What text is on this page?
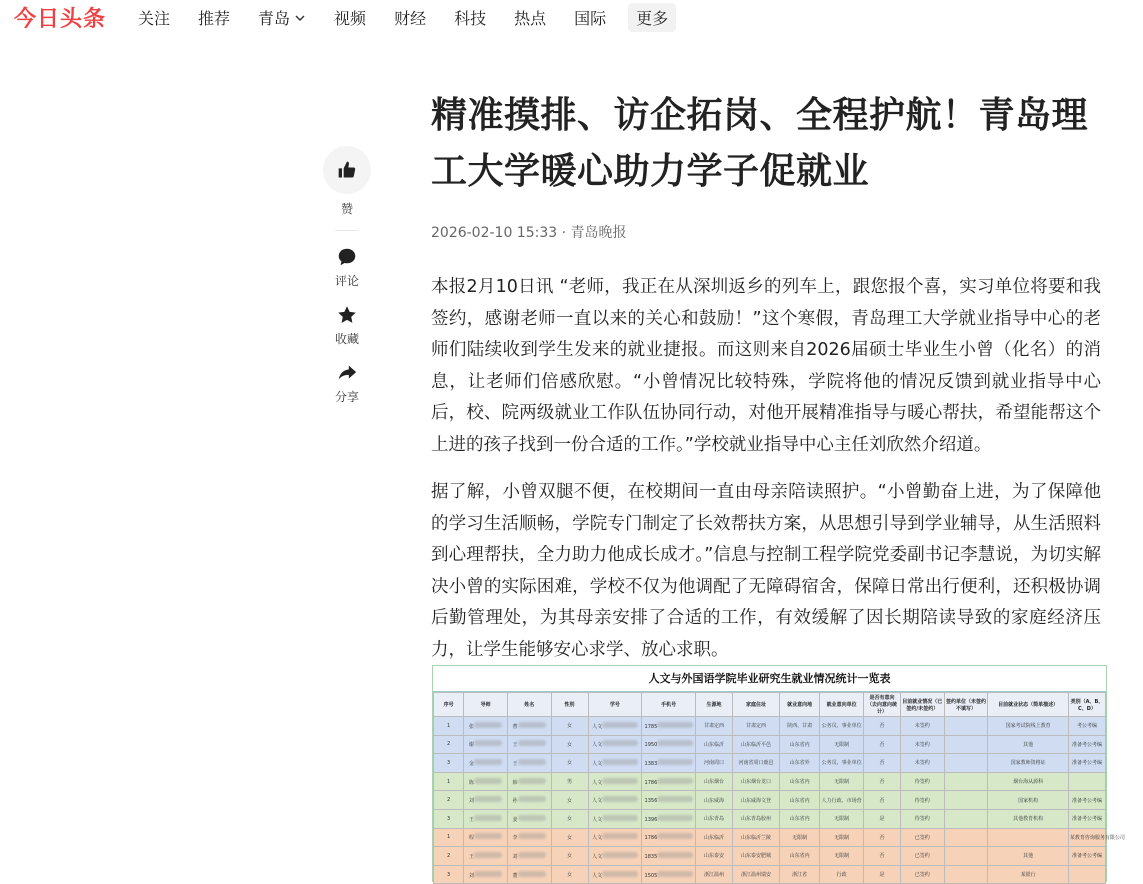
今日头条 关注 推荐 青岛	视频 财经 科技 热点 国际 更多
赞
评论
收藏
分享
精准摸排、访企拓岗、全程护航！青岛理工大学暖心助力学子促就业
2026-02-10 15:33 · 青岛晚报

本报2月10日讯 “老师，我正在从深圳返乡的列车上，跟您报个喜，实习单位将要和我签约，感谢老师一直以来的关心和鼓励！”这个寒假，青岛理工大学就业指导中心的老师们陆续收到学生发来的就业捷报。而这则来自2026届硕士毕业生小曾（化名）的消息，让老师们倍感欣慰。“小曾情况比较特殊，学院将他的情况反馈到就业指导中心后，校、院两级就业工作队伍协同行动，对他开展精准指导与暖心帮扶，希望能帮这个上进的孩子找到一份合适的工作。”学校就业指导中心主任刘欣然介绍道。

据了解，小曾双腿不便，在校期间一直由母亲陪读照护。“小曾勤奋上进，为了保障他的学习生活顺畅，学院专门制定了长效帮扶方案，从思想引导到学业辅导，从生活照料到心理帮扶，全力助力他成长成才。”信息与控制工程学院党委副书记李慧说，为切实解决小曾的实际困难，学校不仅为他调配了无障碍宿舍，保障日常出行便利，还积极协调后勤管理处，为其母亲安排了合适的工作，有效缓解了因长期陪读导致的家庭经济压力，让学生能够安心求学、放心求职。

人文与外国语学院毕业研究生就业情况统计一览表
序号	导师	姓名	性别	学号	手机号	生源地	家庭住址	就业意向地	就业意向单位	是否有意向（去向意向统计）	目前就业情况（已签约/未签约）	签约单位（未签约不填写）	目前就业状态（简单描述）	类别（A、B、C、D）
1	张	曹	女	人文	1785	甘肃定西	甘肃定西	陕西、甘肃	公务员、事业单位	否	未签约		国家考试院线上教育	考公考编
2	谢	王	女	人文	1950	山东临沂	山东临沂平邑	山东省内	无限制	否	未签约		其他	准备考公考编
3	金	王	女	人文	1383	河南周口	河南省周口鹿邑	山东省外	公务员、事业单位	否	未签约		国家教师资格证	准备考公考编
1	陈	韩	男	人文	1786	山东烟台	山东烟台龙口	山东省内	无限制	否	待签约		烟台海从源科	
2	刘	孙	女	人文	1356	山东威海	山东威海文登	山东省内	人力行政、市场营	否	待签约		国家机构	准备考公考编
3	王	姜	女	人文	1396	山东青岛	山东青岛胶州	山东省内	无限制	是	待签约		其他教育机构	准备考公考编
1	程	李	女	人文	1786	山东临沂	山东临沂兰陵	无限制	无限制	否	已签约			某教育咨询服务有限公司
2	王	刘	女	人文	1835	山东泰安	山东泰安肥城	山东省内	无限制	否	已签约		其他	准备考公考编
3	刘	董	女	人文	1505	浙江温州	浙江温州瑞安	浙江省	行政	是	已签约		某银行	
